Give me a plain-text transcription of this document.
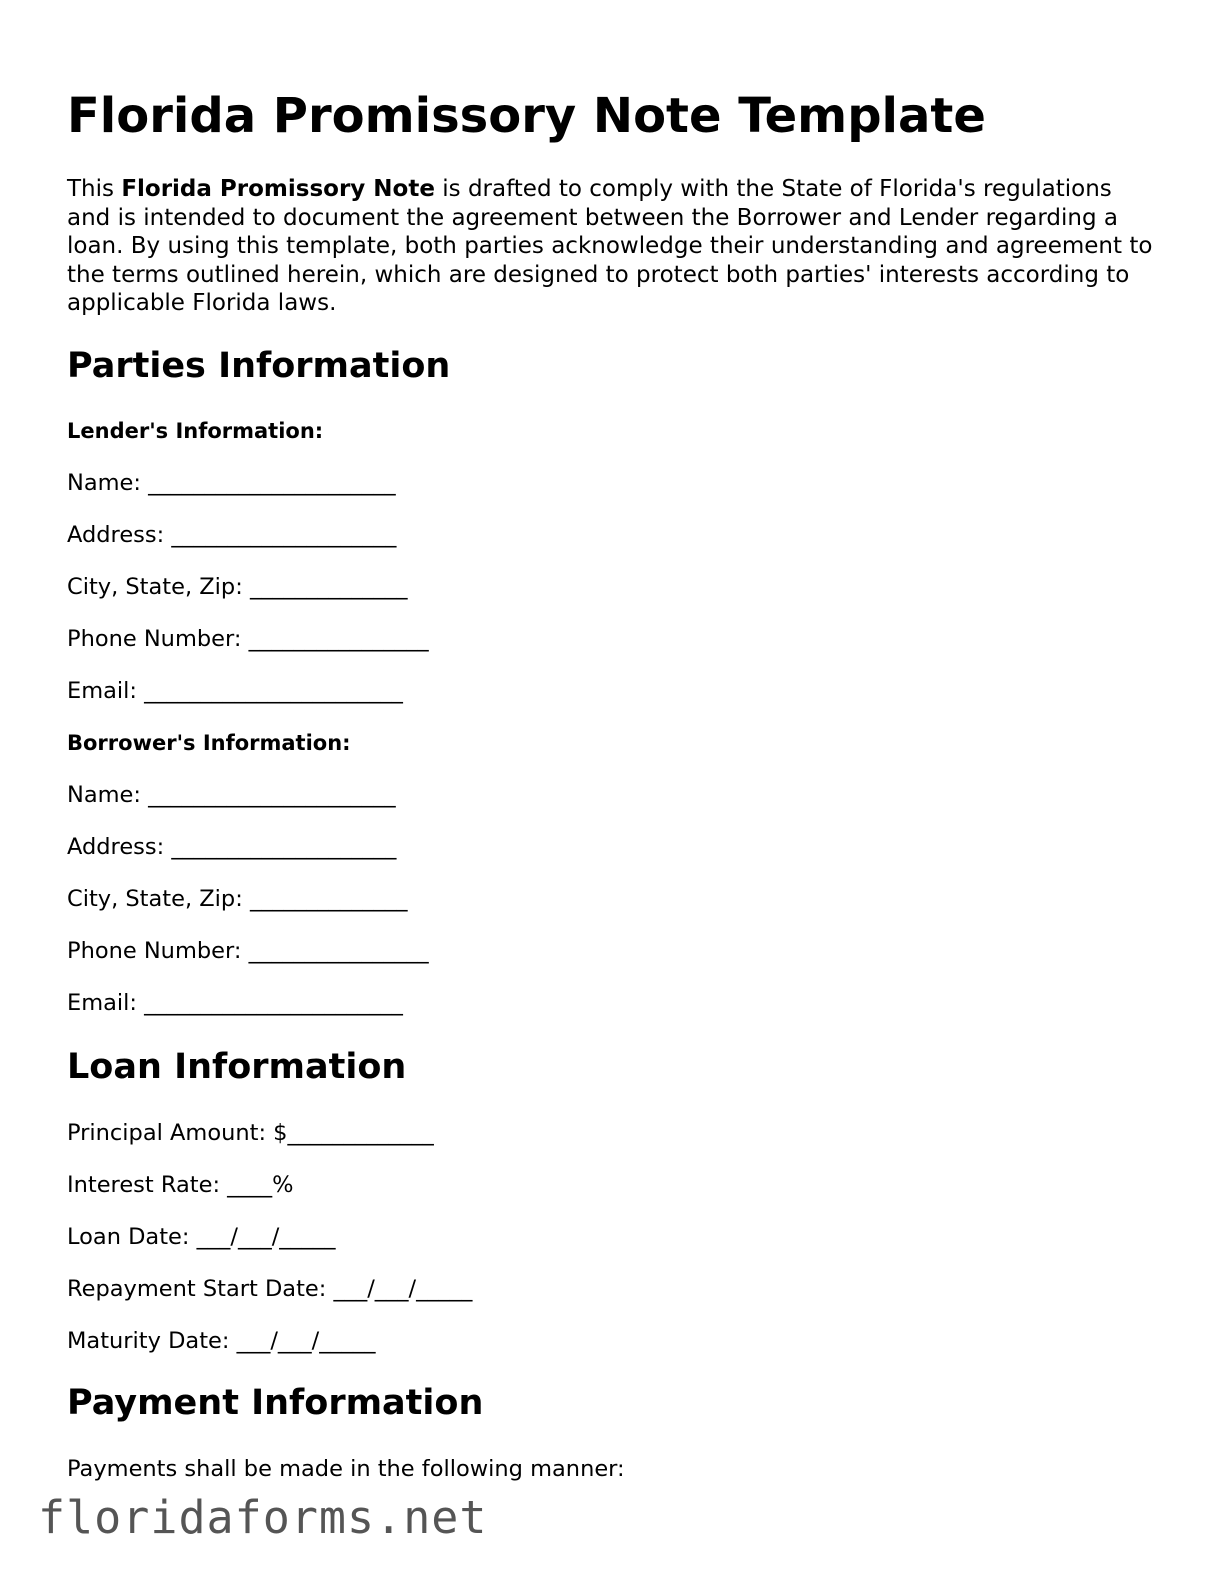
Florida Promissory Note Template

This Florida Promissory Note is drafted to comply with the State of Florida's regulations and is intended to document the agreement between the Borrower and Lender regarding a loan. By using this template, both parties acknowledge their understanding and agreement to the terms outlined herein, which are designed to protect both parties' interests according to applicable Florida laws.

Parties Information
Lender's Information:

Name: ______________________

Address: ____________________

City, State, Zip: ______________

Phone Number: ________________

Email: _______________________

Borrower's Information:

Name: ______________________

Address: ____________________

City, State, Zip: ______________

Phone Number: ________________

Email: _______________________

Loan Information

Principal Amount: $_____________

Interest Rate: ____%

Loan Date: ___/___/_____

Repayment Start Date: ___/___/_____

Maturity Date: ___/___/_____

Payment Information

Payments shall be made in the following manner:

floridaforms.net
